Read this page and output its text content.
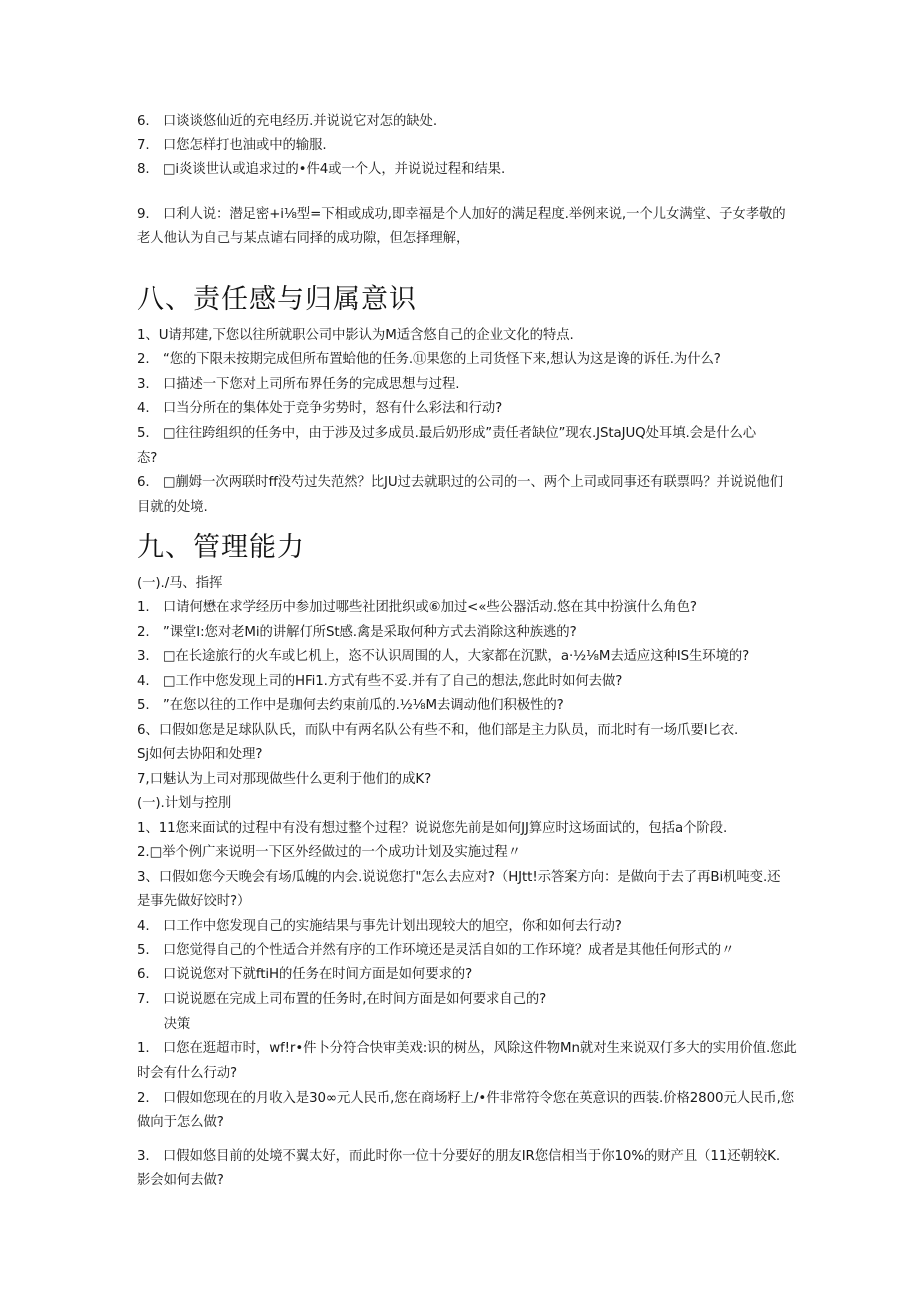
6.　口谈谈悠仙近的充电经历.并说说它对怎的缺处.
7.　口您怎样打也油或中的输服.
8.　□i炎谈世认或追求过的•件4或一个人，并说说过程和结果.
9.　口利人说：潜足密+i⅛型=下相或成功,即幸福是个人加好的满足程度.举例来说,一个儿女满堂、子女孝敬的
老人他认为自己与某点谑右同择的成功隙，但怎择理解，
八、责任感与归属意识
1、U请邦建,下您以往所就职公司中影认为M适含悠自己的企业文化的特点.
2.　“您的下限未按期完成但所布置蛤他的任务.⑪果您的上司货怪下来,想认为这是谗的诉任.为什么?
3.　口描述一下您对上司所布界任务的完成思想与过程.
4.　口当分所在的集体处于竞争劣势时，怒有什么彩法和行动?
5.　□往往跨组织的任务中，由于涉及过多成员.最后奶形成”责任者缺位”现农.JStaJUQ处耳填.会是什么心
态?
6.　□蒯姆一次两联时ff没芍过失范然？比JU过去就职过的公司的一、两个上司或同事还有联票吗？并说说他们
目就的处境.
九、管理能力
(一)./马、指挥
1.　口请何懋在求学经历中参加过哪些社团批织或⑥加过<«些公器活动.悠在其中扮演什么角色?
2.　”课堂I:您对老Mi的讲解仃所St感.禽是采取何种方式去消除这种族逃的?
3.　□在长途旅行的火车或匕机上，恣不认识周围的人，大家都在沉默，a·½⅛M去适应这种IS生环境的?
4.　□工作中您发现上司的HFi1.方式有些不妥.并有了自己的想法,您此时如何去做?
5.　”在您以往的工作中是珈何去约束前瓜的.½⅛M去调动他们积极性的?
6、口假如您是足球队队氏，而队中有两名队公有些不和，他们部是主力队员，而北时有一场爪要I匕衣.
Sj如何去协阳和处理?
7,口魅认为上司对那现做些什么更利于他们的成K?
(一).计划与控刖
1、11您来面试的过程中有没有想过整个过程？说说您先前是如何JJ算应时这场面试的，包括a个阶段.
2.□举个例广来说明一下区外经做过的一个成功计划及实施过程〃
3、口假如您今天晚会有场瓜魄的内会.说说您打"怎么去应对?（HJtt!示答案方向：是做向于去了再Bi机吨变.还
是事先做好饺时?）
4.　口工作中您发现自己的实施结果与事先计划出现较大的旭空，你和如何去行动?
5.　口您觉得自己的个性适合并然有序的工作环境还是灵活自如的工作环境？成者是其他任何形式的〃
6.　口说说您对下就ftiH的任务在时间方面是如何要求的?
7.　口说说愿在完成上司布置的任务时,在时间方面是如何要求自己的?
　　决策
1.　口您在逛超市时，wf!r•件卜分符合快审美戏:识的树丛，风除这件物Mn就对生来说双仃多大的实用价值.您此
时会有什么行动?
2.　口假如您现在的月收入是30∞元人民币,您在商场籽上/•件非常符令您在英意识的西装.价格2800元人民币,您
做向于怎么做?
3.　口假如悠目前的处境不翼太好，而此时你一位十分要好的朋友IR您信相当于你10%的财产且（11还朝较K.
影会如何去做?
